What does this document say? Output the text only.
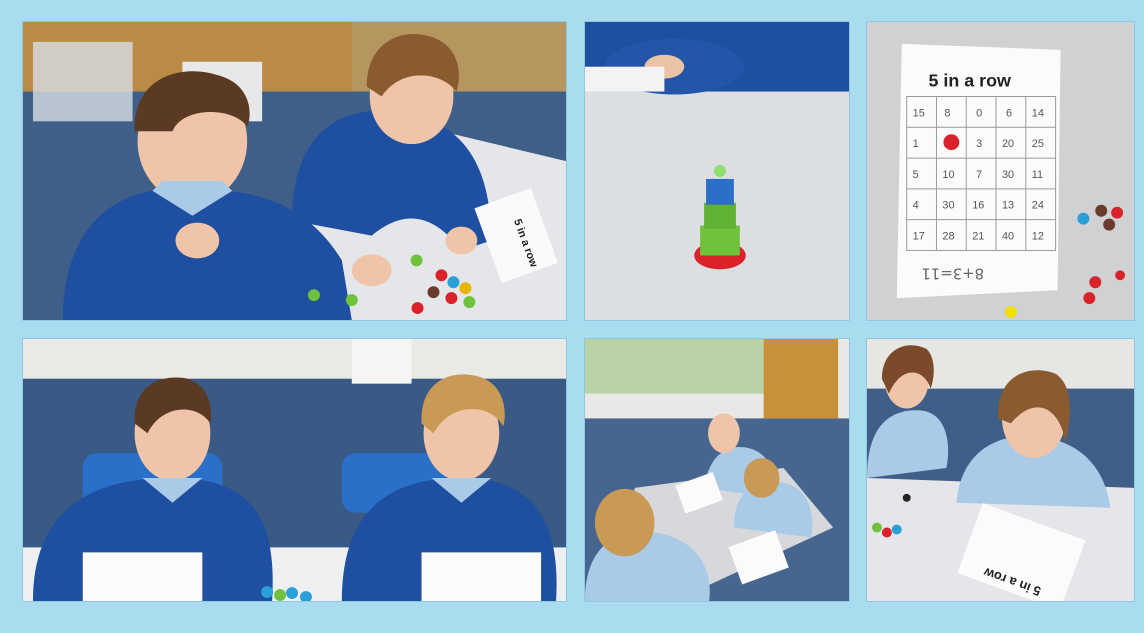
5 in a row
5 in a row
15 8 0 6 14
1	3 20 25
5 10 7 30 11
4 30 16 13 24
17 28 21 40 12
8+3=11
5 in a row
